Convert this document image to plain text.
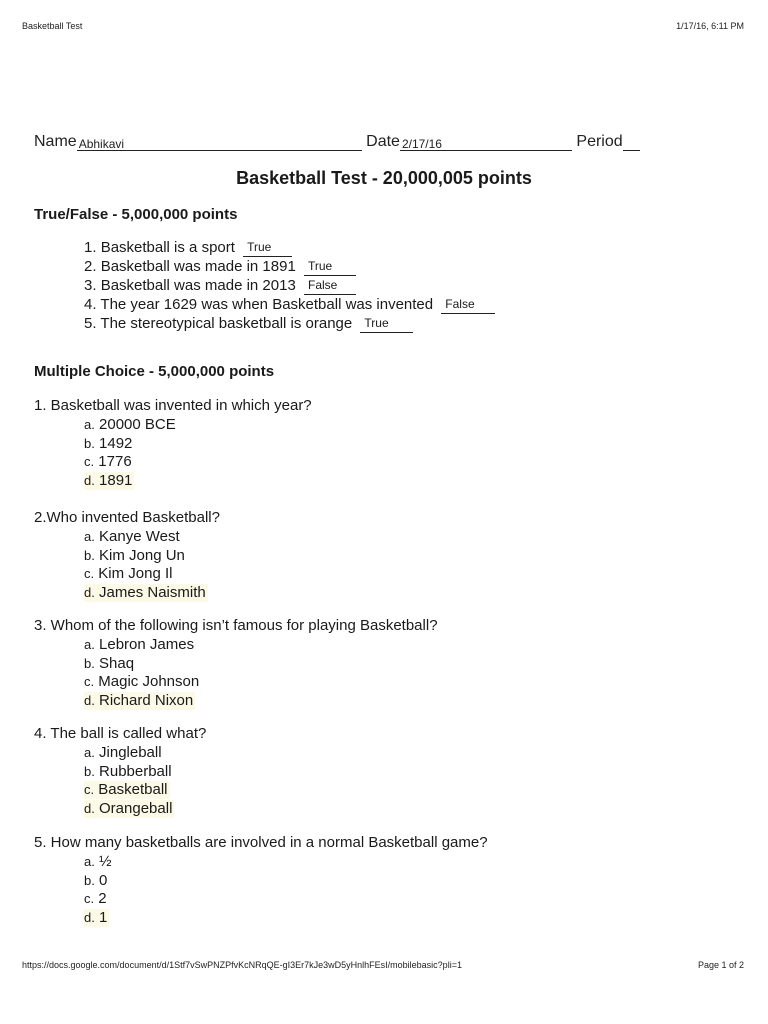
Basketball Test	1/17/16, 6:11 PM
https://docs.google.com/document/d/1Stf7vSwPNZPfvKcNRqQE-gI3Er7kJe3wD5yHnlhFEsI/mobilebasic?pli=1	Page 1 of 2
Name Abhikavi	Date 2/17/16	Period
Basketball Test - 20,000,005 points
True/False - 5,000,000 points
1. Basketball is a sport True
2. Basketball was made in 1891 True
3. Basketball was made in 2013 False
4. The year 1629 was when Basketball was invented False
5. The stereotypical basketball is orange True
Multiple Choice - 5,000,000 points
1. Basketball was invented in which year?
a. 20000 BCE
b. 1492
c. 1776
d. 1891
2.Who invented Basketball?
a. Kanye West
b. Kim Jong Un
c. Kim Jong Il
d. James Naismith
3. Whom of the following isn’t famous for playing Basketball?
a. Lebron James
b. Shaq
c. Magic Johnson
d. Richard Nixon
4. The ball is called what?
a. Jingleball
b. Rubberball
c. Basketball
d. Orangeball
5. How many basketballs are involved in a normal Basketball game?
a. ½
b. 0
c. 2
d. 1
